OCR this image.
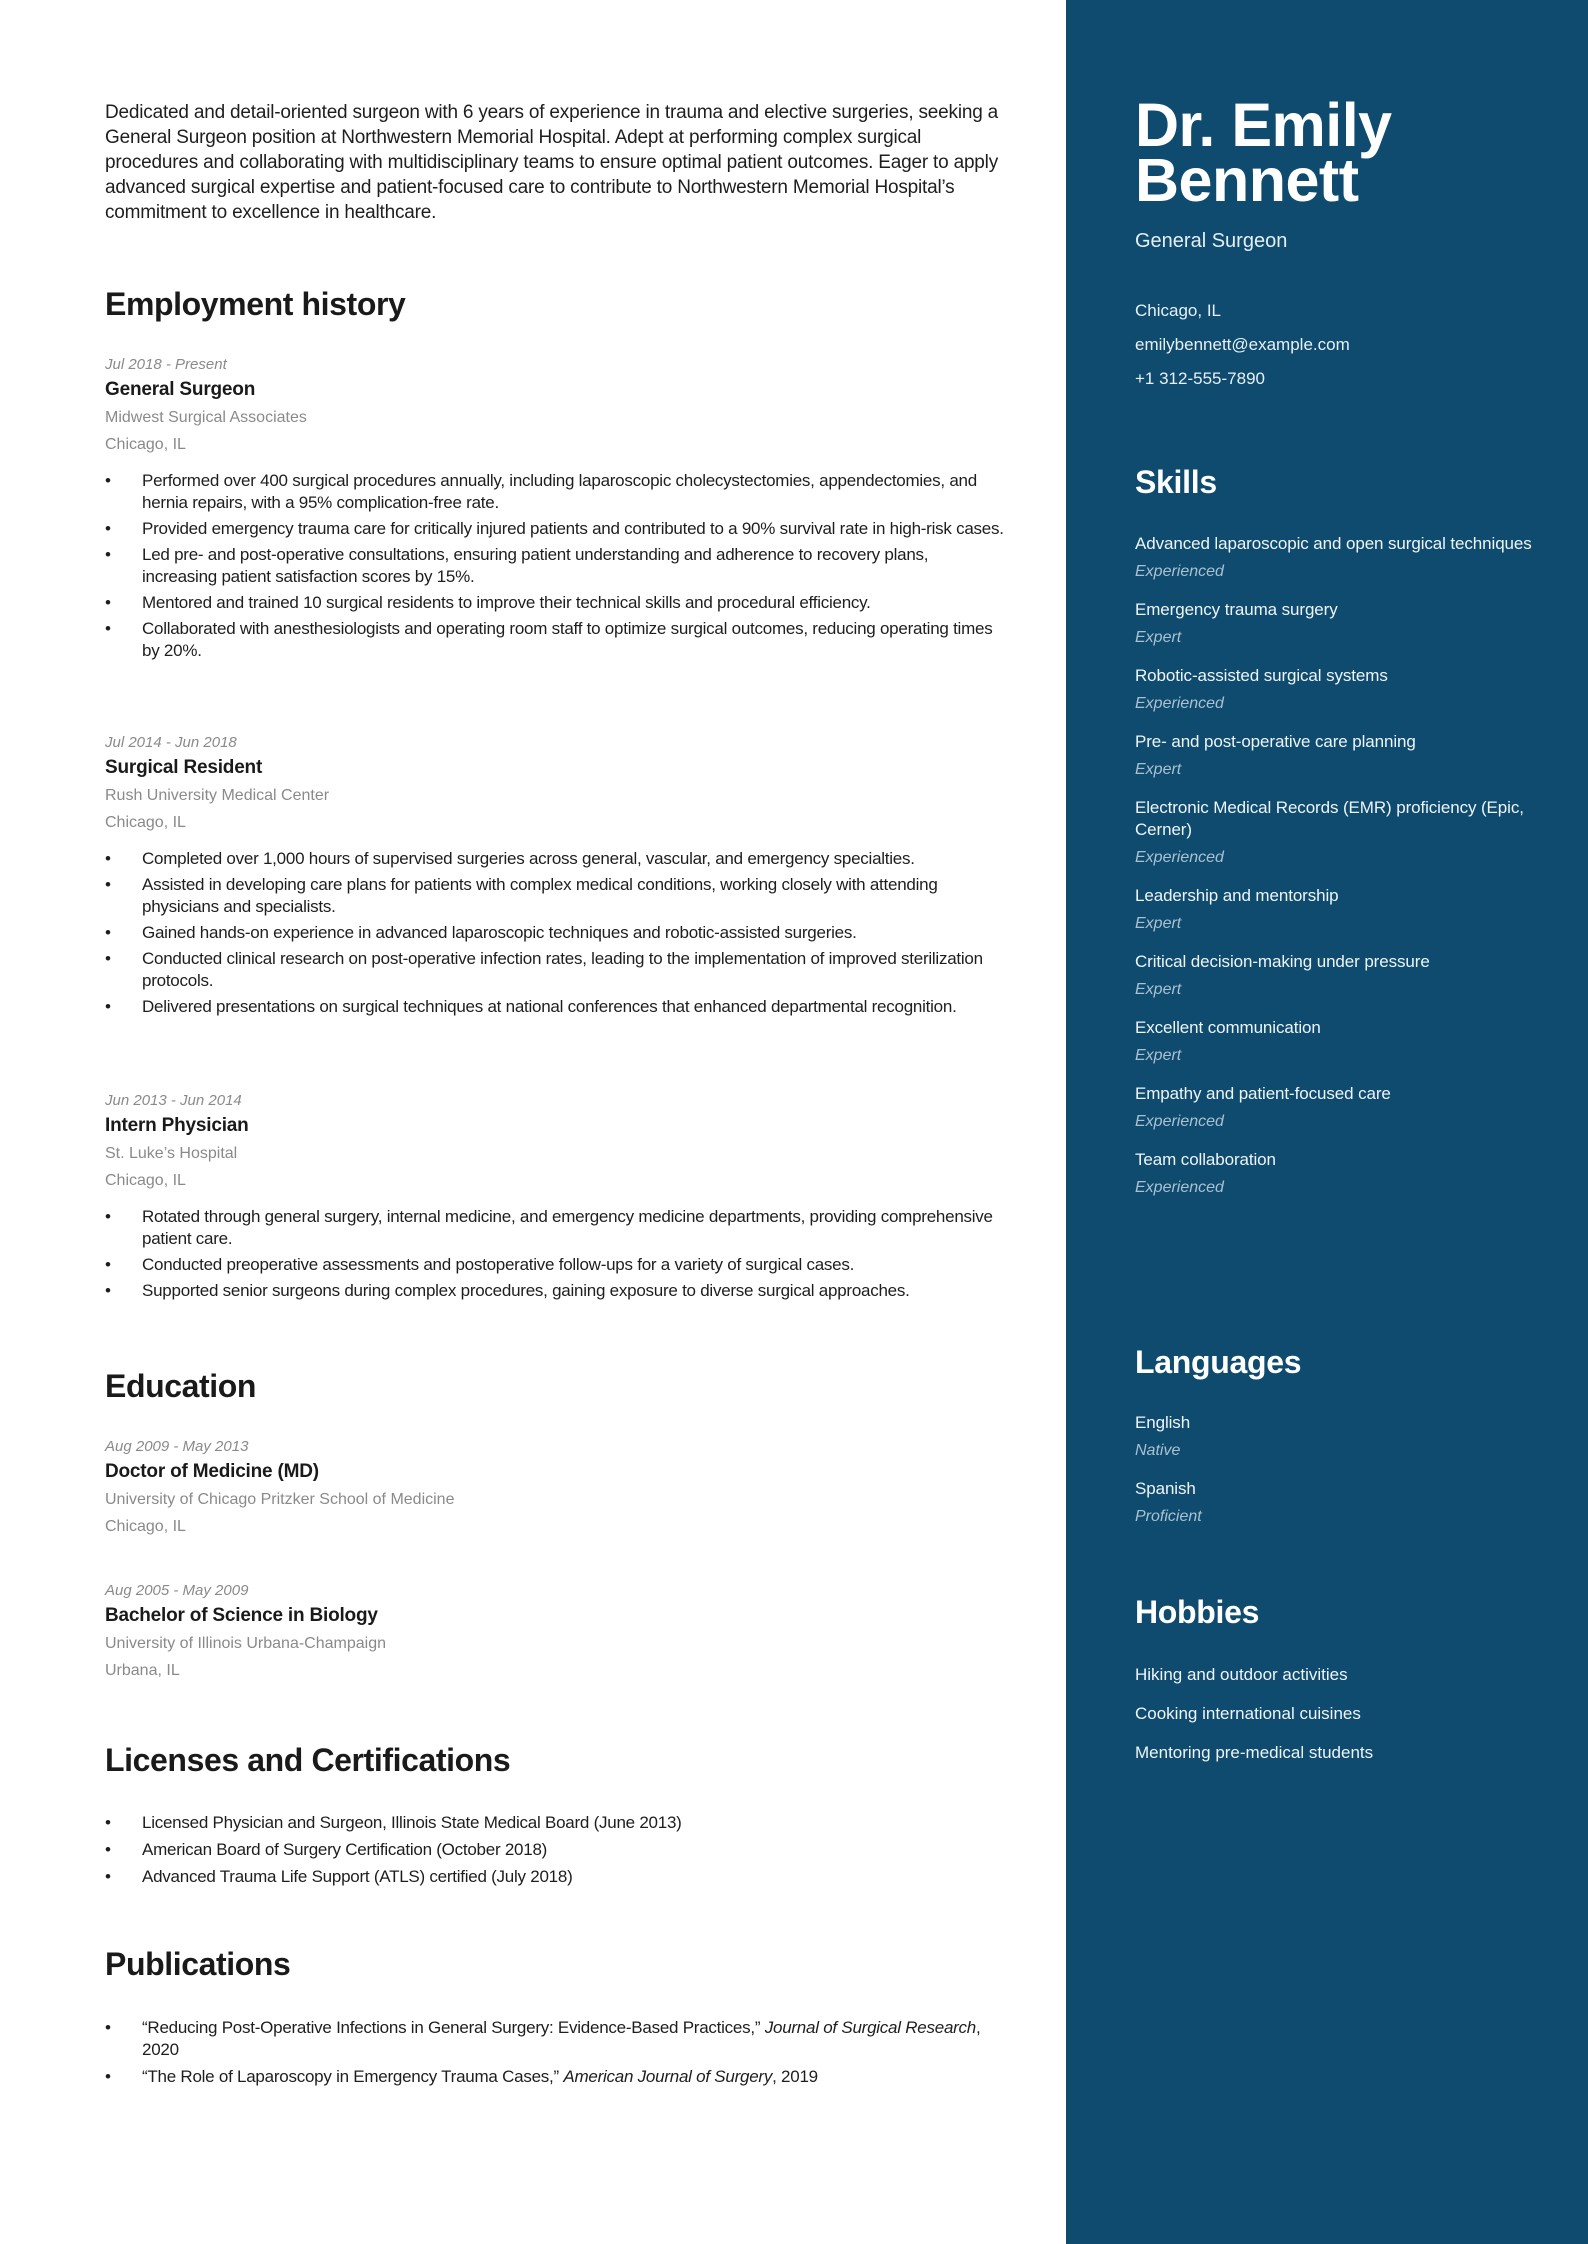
Dedicated and detail-oriented surgeon with 6 years of experience in trauma and elective surgeries, seeking a General Surgeon position at Northwestern Memorial Hospital. Adept at performing complex surgical procedures and collaborating with multidisciplinary teams to ensure optimal patient outcomes. Eager to apply advanced surgical expertise and patient-focused care to contribute to Northwestern Memorial Hospital’s commitment to excellence in healthcare.

Employment history
Jul 2018 - Present
General Surgeon
Midwest Surgical Associates
Chicago, IL
• Performed over 400 surgical procedures annually, including laparoscopic cholecystectomies, appendectomies, and hernia repairs, with a 95% complication-free rate.
• Provided emergency trauma care for critically injured patients and contributed to a 90% survival rate in high-risk cases.
• Led pre- and post-operative consultations, ensuring patient understanding and adherence to recovery plans, increasing patient satisfaction scores by 15%.
• Mentored and trained 10 surgical residents to improve their technical skills and procedural efficiency.
• Collaborated with anesthesiologists and operating room staff to optimize surgical outcomes, reducing operating times by 20%.
Jul 2014 - Jun 2018
Surgical Resident
Rush University Medical Center
Chicago, IL
• Completed over 1,000 hours of supervised surgeries across general, vascular, and emergency specialties.
• Assisted in developing care plans for patients with complex medical conditions, working closely with attending physicians and specialists.
• Gained hands-on experience in advanced laparoscopic techniques and robotic-assisted surgeries.
• Conducted clinical research on post-operative infection rates, leading to the implementation of improved sterilization protocols.
• Delivered presentations on surgical techniques at national conferences that enhanced departmental recognition.
Jun 2013 - Jun 2014
Intern Physician
St. Luke’s Hospital
Chicago, IL
• Rotated through general surgery, internal medicine, and emergency medicine departments, providing comprehensive patient care.
• Conducted preoperative assessments and postoperative follow-ups for a variety of surgical cases.
• Supported senior surgeons during complex procedures, gaining exposure to diverse surgical approaches.
Education
Aug 2009 - May 2013
Doctor of Medicine (MD)
University of Chicago Pritzker School of Medicine
Chicago, IL
Aug 2005 - May 2009
Bachelor of Science in Biology
University of Illinois Urbana-Champaign
Urbana, IL
Licenses and Certifications
• Licensed Physician and Surgeon, Illinois State Medical Board (June 2013)
• American Board of Surgery Certification (October 2018)
• Advanced Trauma Life Support (ATLS) certified (July 2018)
Publications
• “Reducing Post-Operative Infections in General Surgery: Evidence-Based Practices,” Journal of Surgical Research, 2020
• “The Role of Laparoscopy in Emergency Trauma Cases,” American Journal of Surgery, 2019
Dr. Emily
Bennett
General Surgeon
Chicago, IL
emilybennett@example.com
+1 312-555-7890
Skills
Advanced laparoscopic and open surgical techniques
Experienced
Emergency trauma surgery
Expert
Robotic-assisted surgical systems
Experienced
Pre- and post-operative care planning
Expert
Electronic Medical Records (EMR) proficiency (Epic, Cerner)
Experienced
Leadership and mentorship
Expert
Critical decision-making under pressure
Expert
Excellent communication
Expert
Empathy and patient-focused care
Experienced
Team collaboration
Experienced
Languages
English
Native
Spanish
Proficient
Hobbies
Hiking and outdoor activities
Cooking international cuisines
Mentoring pre-medical students
